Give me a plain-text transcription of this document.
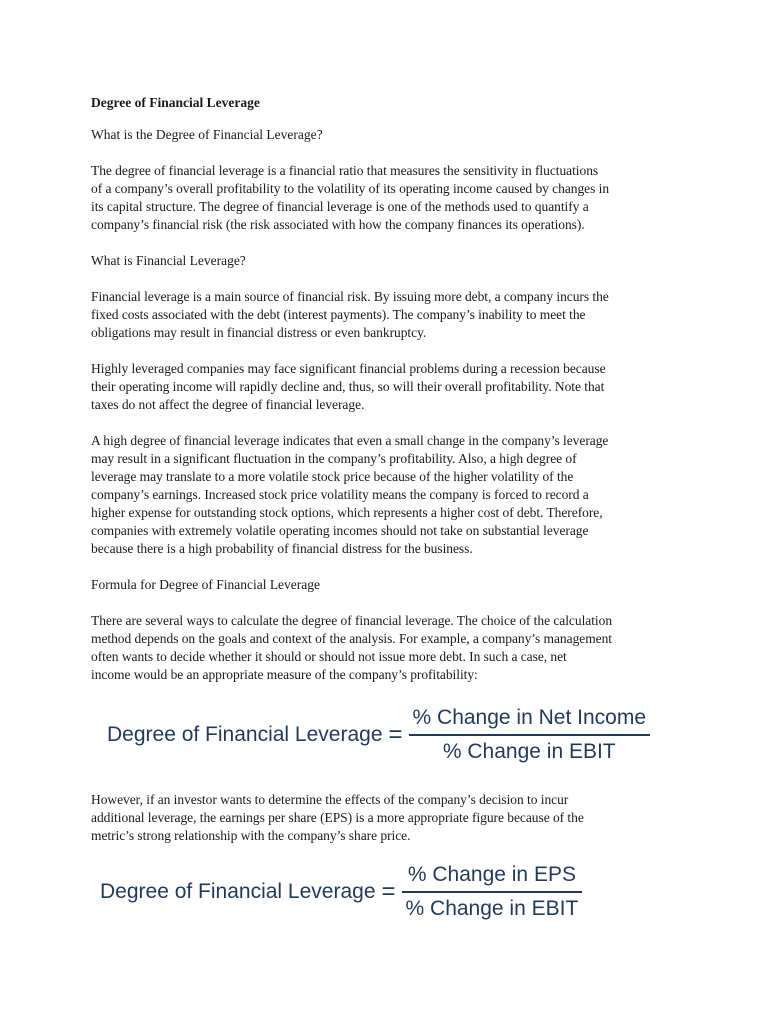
Degree of Financial Leverage
What is the Degree of Financial Leverage?
The degree of financial leverage is a financial ratio that measures the sensitivity in fluctuations
of a company’s overall profitability to the volatility of its operating income caused by changes in
its capital structure. The degree of financial leverage is one of the methods used to quantify a
company’s financial risk (the risk associated with how the company finances its operations).
What is Financial Leverage?
Financial leverage is a main source of financial risk. By issuing more debt, a company incurs the
fixed costs associated with the debt (interest payments). The company’s inability to meet the
obligations may result in financial distress or even bankruptcy.
Highly leveraged companies may face significant financial problems during a recession because
their operating income will rapidly decline and, thus, so will their overall profitability. Note that
taxes do not affect the degree of financial leverage.
A high degree of financial leverage indicates that even a small change in the company’s leverage
may result in a significant fluctuation in the company’s profitability. Also, a high degree of
leverage may translate to a more volatile stock price because of the higher volatility of the
company’s earnings. Increased stock price volatility means the company is forced to record a
higher expense for outstanding stock options, which represents a higher cost of debt. Therefore,
companies with extremely volatile operating incomes should not take on substantial leverage
because there is a high probability of financial distress for the business.
Formula for Degree of Financial Leverage
There are several ways to calculate the degree of financial leverage. The choice of the calculation
method depends on the goals and context of the analysis. For example, a company’s management
often wants to decide whether it should or should not issue more debt. In such a case, net
income would be an appropriate measure of the company’s profitability:
Degree of Financial Leverage = $\frac{\text{\% Change in Net Income}}{\text{\% Change in EBIT}}$
However, if an investor wants to determine the effects of the company’s decision to incur
additional leverage, the earnings per share (EPS) is a more appropriate figure because of the
metric’s strong relationship with the company’s share price.
Degree of Financial Leverage = $\frac{\text{\% Change in EPS}}{\text{\% Change in EBIT}}$
